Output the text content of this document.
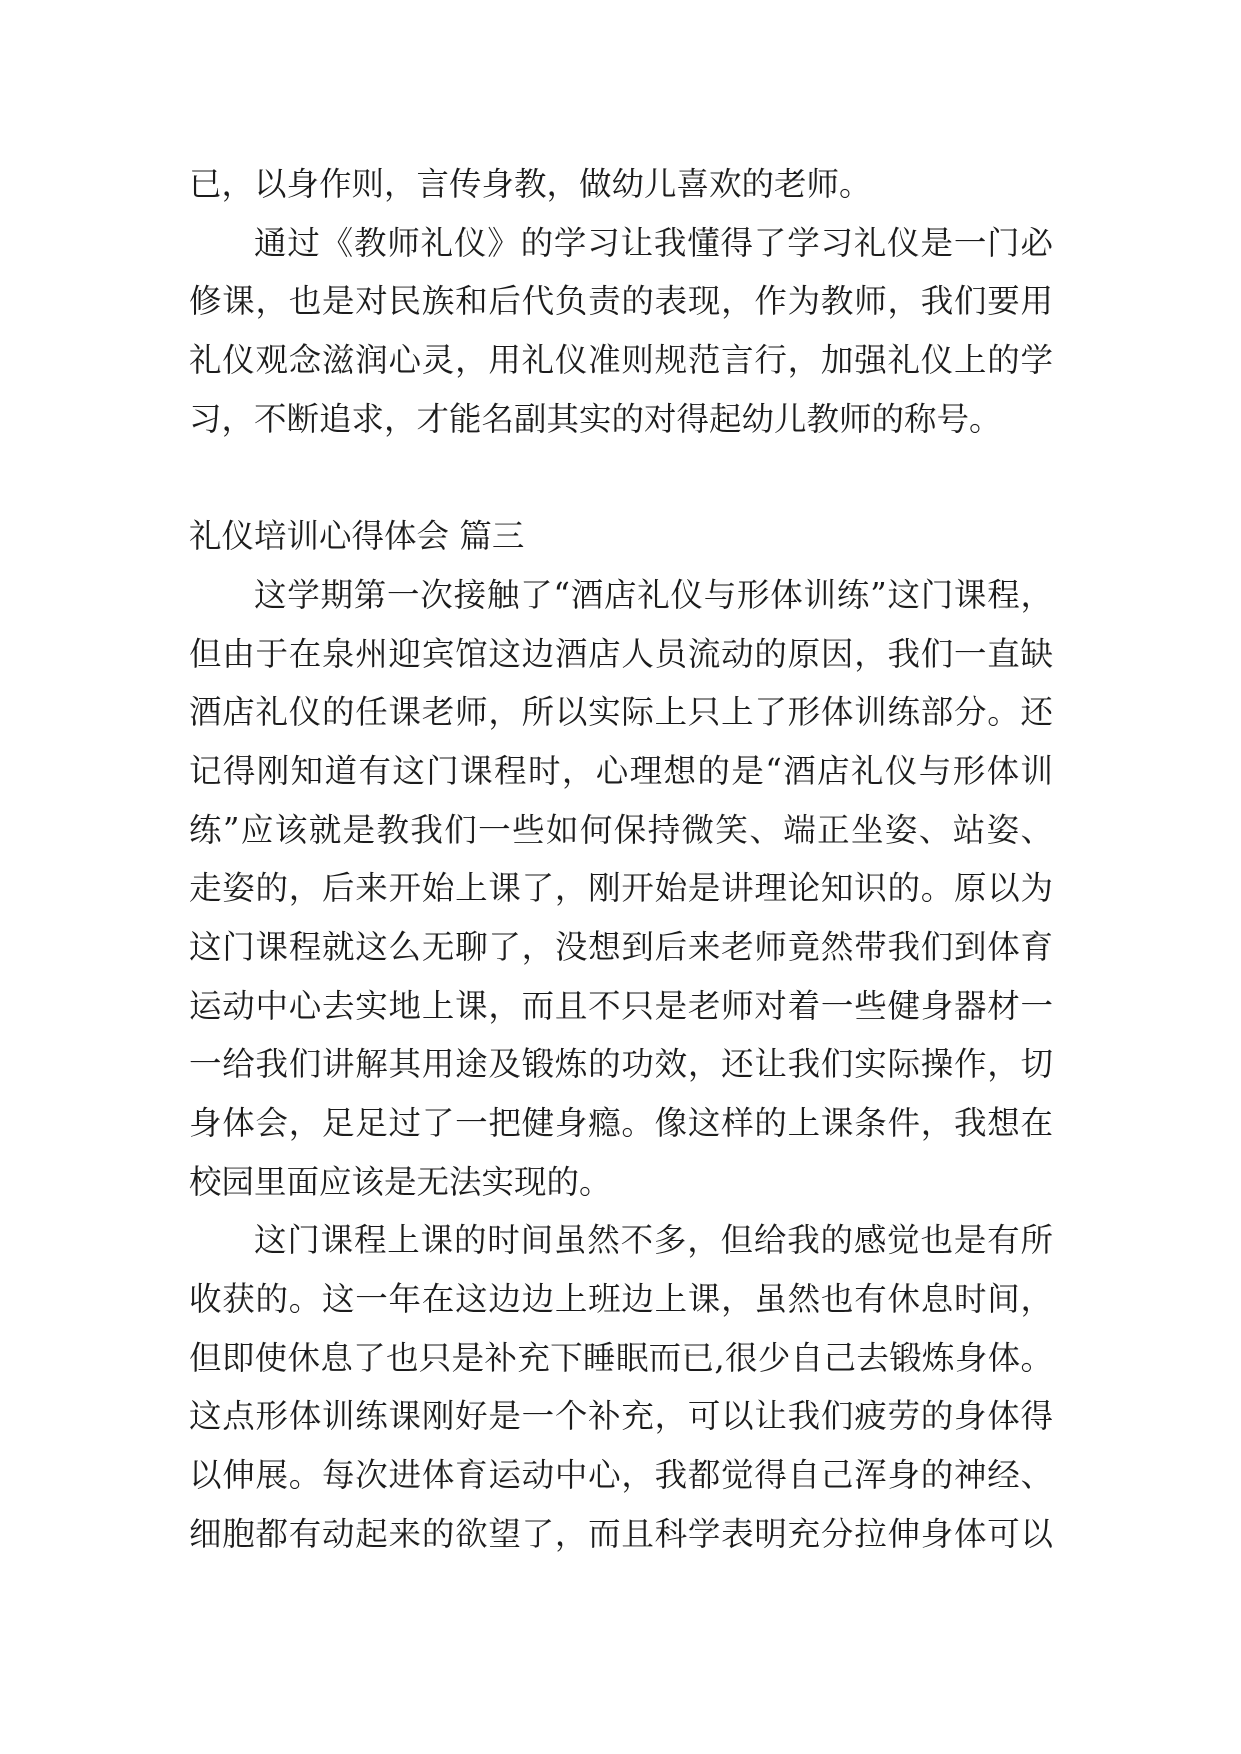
已，以身作则，言传身教，做幼儿喜欢的老师。
通过《教师礼仪》的学习让我懂得了学习礼仪是一门必
修课，也是对民族和后代负责的表现，作为教师，我们要用
礼仪观念滋润心灵，用礼仪准则规范言行，加强礼仪上的学
习，不断追求，才能名副其实的对得起幼儿教师的称号。
礼仪培训心得体会 篇三
这学期第一次接触了“酒店礼仪与形体训练”这门课程，
但由于在泉州迎宾馆这边酒店人员流动的原因，我们一直缺
酒店礼仪的任课老师，所以实际上只上了形体训练部分。还
记得刚知道有这门课程时，心理想的是“酒店礼仪与形体训
练”应该就是教我们一些如何保持微笑、端正坐姿、站姿、
走姿的，后来开始上课了，刚开始是讲理论知识的。原以为
这门课程就这么无聊了，没想到后来老师竟然带我们到体育
运动中心去实地上课，而且不只是老师对着一些健身器材一
一给我们讲解其用途及锻炼的功效，还让我们实际操作，切
身体会，足足过了一把健身瘾。像这样的上课条件，我想在
校园里面应该是无法实现的。
这门课程上课的时间虽然不多，但给我的感觉也是有所
收获的。这一年在这边边上班边上课，虽然也有休息时间，
但即使休息了也只是补充下睡眠而已,很少自己去锻炼身体。
这点形体训练课刚好是一个补充，可以让我们疲劳的身体得
以伸展。每次进体育运动中心，我都觉得自己浑身的神经、
细胞都有动起来的欲望了，而且科学表明充分拉伸身体可以
